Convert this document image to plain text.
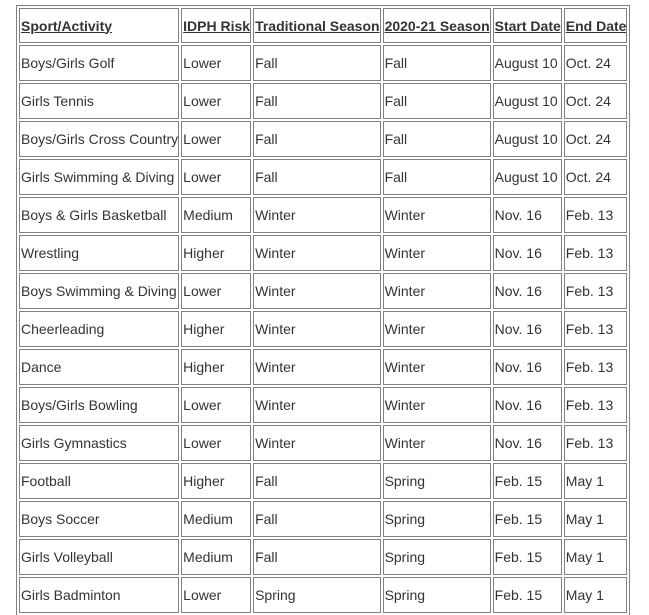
Sport/Activity	IDPH Risk	Traditional Season	2020-21 Season	Start Date	End Date
Boys/Girls Golf	Lower	Fall	Fall	August 10	Oct. 24
Girls Tennis	Lower	Fall	Fall	August 10	Oct. 24
Boys/Girls Cross Country	Lower	Fall	Fall	August 10	Oct. 24
Girls Swimming & Diving	Lower	Fall	Fall	August 10	Oct. 24
Boys & Girls Basketball	Medium	Winter	Winter	Nov. 16	Feb. 13
Wrestling	Higher	Winter	Winter	Nov. 16	Feb. 13
Boys Swimming & Diving	Lower	Winter	Winter	Nov. 16	Feb. 13
Cheerleading	Higher	Winter	Winter	Nov. 16	Feb. 13
Dance	Higher	Winter	Winter	Nov. 16	Feb. 13
Boys/Girls Bowling	Lower	Winter	Winter	Nov. 16	Feb. 13
Girls Gymnastics	Lower	Winter	Winter	Nov. 16	Feb. 13
Football	Higher	Fall	Spring	Feb. 15	May 1
Boys Soccer	Medium	Fall	Spring	Feb. 15	May 1
Girls Volleyball	Medium	Fall	Spring	Feb. 15	May 1
Girls Badminton	Lower	Spring	Spring	Feb. 15	May 1
